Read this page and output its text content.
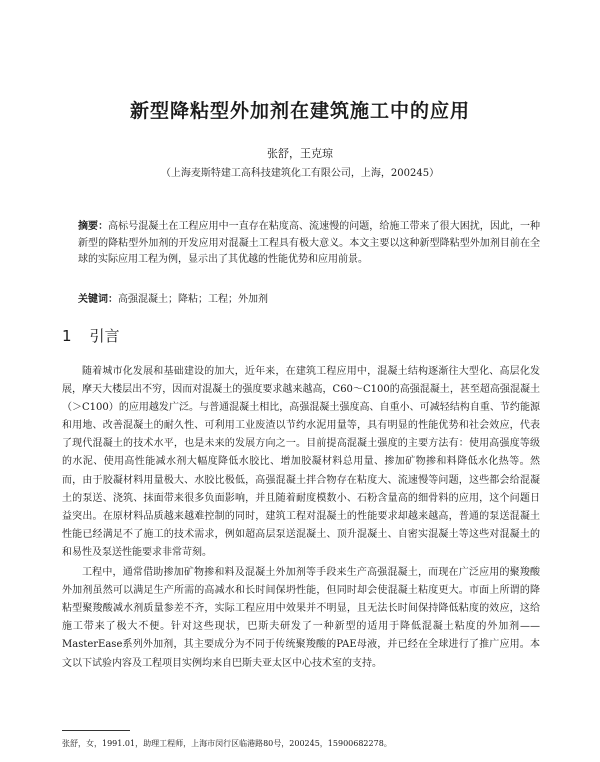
新型降粘型外加剂在建筑施工中的应用
张舒，王克琼
（上海麦斯特建工高科技建筑化工有限公司，上海，200245）
摘要：高标号混凝土在工程应用中一直存在粘度高、流速慢的问题，给施工带来了很大困扰，因此，一种新型的降粘型外加剂的开发应用对混凝土工程具有极大意义。本文主要以这种新型降粘型外加剂目前在全球的实际应用工程为例，显示出了其优越的性能优势和应用前景。
关键词：高强混凝土；降粘；工程；外加剂
1 引言

随着城市化发展和基础建设的加大，近年来，在建筑工程应用中，混凝土结构逐渐往大型化、高层化发展，摩天大楼层出不穷，因而对混凝土的强度要求越来越高，C60～C100的高强混凝土，甚至超高强混凝土（＞C100）的应用越发广泛。与普通混凝土相比，高强混凝土强度高、自重小、可减轻结构自重、节约能源和用地、改善混凝土的耐久性、可利用工业废渣以节约水泥用量等，具有明显的性能优势和社会效应，代表了现代混凝土的技术水平，也是未来的发展方向之一。目前提高混凝土强度的主要方法有：使用高强度等级的水泥、使用高性能减水剂大幅度降低水胶比、增加胶凝材料总用量、掺加矿物掺和料降低水化热等。然而，由于胶凝材料用量极大、水胶比极低，高强混凝土拌合物存在粘度大、流速慢等问题，这些都会给混凝土的泵送、浇筑、抹面带来很多负面影响，并且随着耐度模数小、石粉含量高的细骨料的应用，这个问题日益突出。在原材料品质越来越难控制的同时，建筑工程对混凝土的性能要求却越来越高，普通的泵送混凝土性能已经满足不了施工的技术需求，例如超高层泵送混凝土、顶升混凝土、自密实混凝土等这些对混凝土的和易性及泵送性能要求非常苛刻。

工程中，通常借助掺加矿物掺和料及混凝土外加剂等手段来生产高强混凝土，而现在广泛应用的聚羧酸外加剂虽然可以满足生产所需的高减水和长时间保坍性能，但同时却会使混凝土粘度更大。市面上所谓的降粘型聚羧酸减水剂质量参差不齐，实际工程应用中效果并不明显，且无法长时间保持降低粘度的效应，这给施工带来了极大不便。针对这些现状，巴斯夫研发了一种新型的适用于降低混凝土粘度的外加剂——MasterEase系列外加剂，其主要成分为不同于传统聚羧酸的PAE母液，并已经在全球进行了推广应用。本文以下试验内容及工程项目实例均来自巴斯夫亚太区中心技术室的支持。

张舒，女，1991.01，助理工程师，上海市闵行区临港路80号，200245，15900682278。
